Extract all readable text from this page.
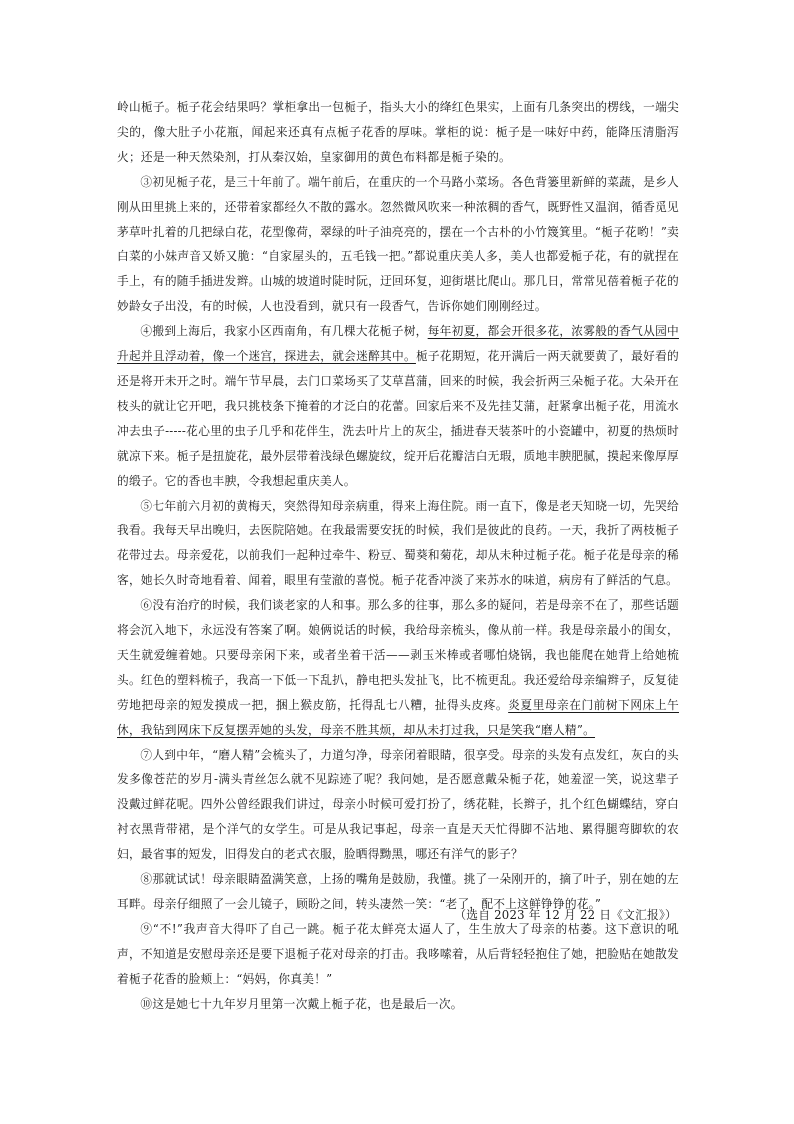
岭山栀子。栀子花会结果吗？掌柜拿出一包栀子，指头大小的绛红色果实，上面有几条突出的楞线，一端尖尖的，像大肚子小花瓶，闻起来还真有点栀子花香的厚味。掌柜的说：栀子是一味好中药，能降压清脂泻火；还是一种天然染剂，打从秦汉始，皇家御用的黄色布料都是栀子染的。

③初见栀子花，是三十年前了。端午前后，在重庆的一个马路小菜场。各色背篓里新鲜的菜蔬，是乡人刚从田里挑上来的，还带着家都经久不散的露水。忽然微风吹来一种浓稠的香气，既野性又温润，循香觅见茅草叶扎着的几把绿白花，花型像荷，翠绿的叶子油亮亮的，摆在一个古朴的小竹篾箕里。“栀子花哟！”卖白菜的小妹声音又娇又脆：“自家屋头的，五毛钱一把。”都说重庆美人多，美人也都爱栀子花，有的就捏在手上，有的随手插进发辫。山城的坡道时陡时阮，迂回环复，迎街堪比爬山。那几日，常常见蓓着栀子花的妙龄女子出没，有的时候，人也没看到，就只有一段香气，告诉你她们刚刚经过。

④搬到上海后，我家小区西南角，有几棵大花栀子树，每年初夏，都会开很多花，浓雾般的香气从园中升起并且浮动着，像一个迷宫，探进去，就会迷醉其中。栀子花期短，花开满后一两天就要黄了，最好看的还是将开未开之时。端午节早晨，去门口菜场买了艾草菖蒲，回来的时候，我会折两三朵栀子花。大朵开在枝头的就让它开吧，我只挑枝条下掩着的才泛白的花蕾。回家后来不及先挂艾蒲，赶紧拿出栀子花，用流水冲去虫子-----花心里的虫子几乎和花伴生，洗去叶片上的灰尘，插进春天装茶叶的小瓷罐中，初夏的热烦时就凉下来。栀子是扭旋花，最外层带着浅绿色螺旋纹，绽开后花瓣洁白无瑕，质地丰腴肥腻，摸起来像厚厚的缎子。它的香也丰腴，令我想起重庆美人。

⑤七年前六月初的黄梅天，突然得知母亲病重，得来上海住院。雨一直下，像是老天知晓一切，先哭给我看。我每天早出晚归，去医院陪她。在我最需要安抚的时候，我们是彼此的良药。一天，我折了两枝栀子花带过去。母亲爱花，以前我们一起种过牵牛、粉豆、蜀葵和菊花，却从未种过栀子花。栀子花是母亲的稀客，她长久时奇地看着、闻着，眼里有莹澈的喜悦。栀子花香冲淡了来苏水的味道，病房有了鲜活的气息。

⑥没有治疗的时候，我们谈老家的人和事。那么多的往事，那么多的疑问，若是母亲不在了，那些话题将会沉入地下，永远没有答案了啊。娘俩说话的时候，我给母亲梳头，像从前一样。我是母亲最小的闺女，天生就爱缠着她。只要母亲闲下来，或者坐着干活——剥玉米棒或者哪怕烧锅，我也能爬在她背上给她梳头。红色的塑料梳子，我高一下低一下乱扒，静电把头发扯飞，比不梳更乱。我还爱给母亲编辫子，反复徒劳地把母亲的短发摸成一把，捆上猴皮筋，托得乱七八糟，扯得头皮疼。炎夏里母亲在门前树下网床上午休，我钻到网床下反复摆弄她的头发，母亲不胜其烦，却从未打过我，只是笑我“磨人精”。

⑦人到中年，“磨人精”会梳头了，力道匀净，母亲闭着眼睛，很享受。母亲的头发有点发红，灰白的头发多像苍茫的岁月-满头青丝怎么就不见踪迹了呢？我问她，是否愿意戴朵栀子花，她羞涩一笑，说这辈子没戴过鲜花呢。四外公曾经跟我们讲过，母亲小时候可爱打扮了，绣花鞋，长辫子，扎个红色蝴蝶结，穿白衬衣黑背带裙，是个洋气的女学生。可是从我记事起，母亲一直是天天忙得脚不沾地、累得腿弯脚软的农妇，最省事的短发，旧得发白的老式衣服，脸晒得黝黑，哪还有洋气的影子？

⑧那就试试！母亲眼睛盈满笑意，上扬的嘴角是鼓励，我懂。挑了一朵刚开的，摘了叶子，别在她的左耳畔。母亲仔细照了一会儿镜子，顾盼之间，转头凄然一笑：“老了，配不上这鲜铮铮的花。”

⑨“不!”我声音大得吓了自己一跳。栀子花太鲜亮太逼人了，生生放大了母亲的枯萎。这下意识的吼声，不知道是安慰母亲还是要下退栀子花对母亲的打击。我哆嗦着，从后背轻轻抱住了她，把脸贴在她散发着栀子花香的脸颊上：“妈妈，你真美！”

⑩这是她七十九年岁月里第一次戴上栀子花，也是最后一次。

（选自 2023 年 12 月 22 日《文汇报》）
